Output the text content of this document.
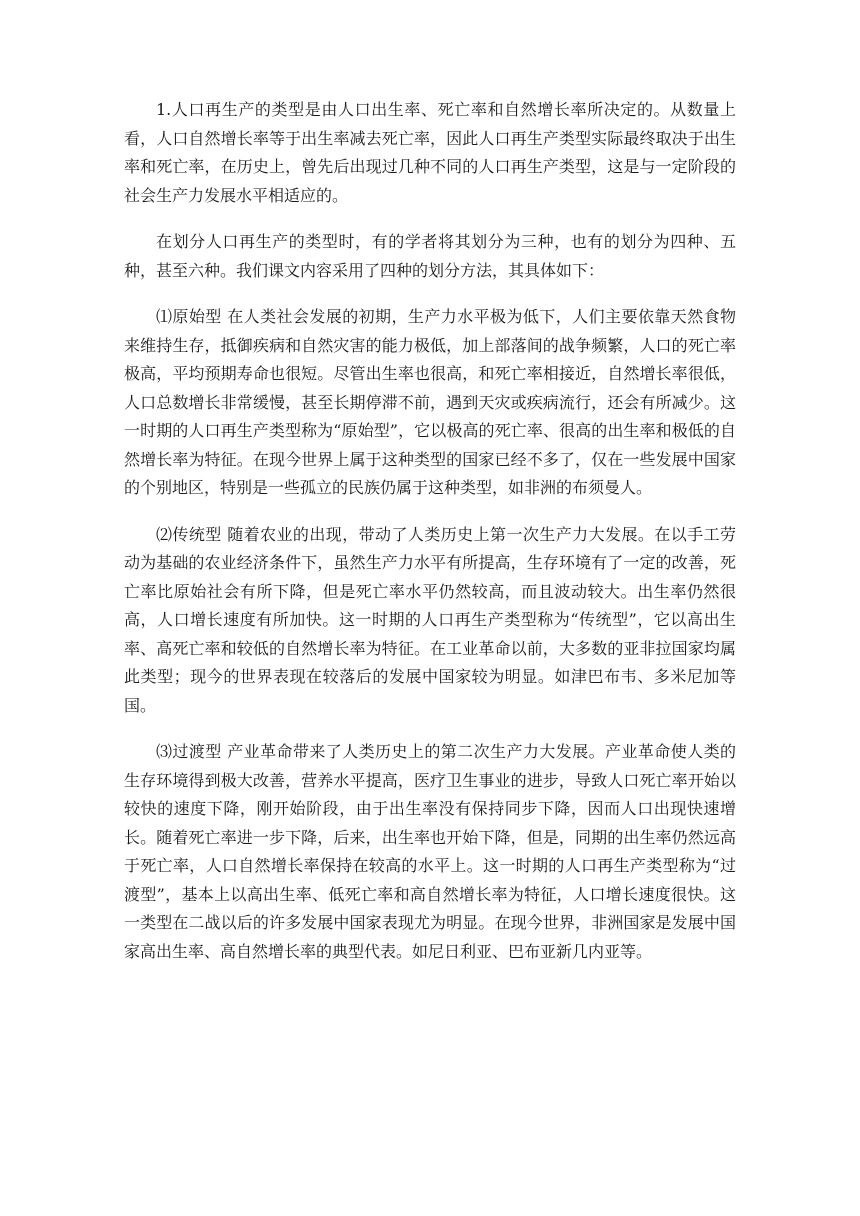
1.人口再生产的类型是由人口出生率、死亡率和自然增长率所决定的。从数量上看，人口自然增长率等于出生率减去死亡率，因此人口再生产类型实际最终取决于出生率和死亡率，在历史上，曾先后出现过几种不同的人口再生产类型，这是与一定阶段的社会生产力发展水平相适应的。

在划分人口再生产的类型时，有的学者将其划分为三种，也有的划分为四种、五种，甚至六种。我们课文内容采用了四种的划分方法，其具体如下：

⑴原始型 在人类社会发展的初期，生产力水平极为低下，人们主要依靠天然食物来维持生存，抵御疾病和自然灾害的能力极低，加上部落间的战争频繁，人口的死亡率极高，平均预期寿命也很短。尽管出生率也很高，和死亡率相接近，自然增长率很低，人口总数增长非常缓慢，甚至长期停滞不前，遇到天灾或疾病流行，还会有所减少。这一时期的人口再生产类型称为“原始型”，它以极高的死亡率、很高的出生率和极低的自然增长率为特征。在现今世界上属于这种类型的国家已经不多了，仅在一些发展中国家的个别地区，特别是一些孤立的民族仍属于这种类型，如非洲的布须曼人。

⑵传统型 随着农业的出现，带动了人类历史上第一次生产力大发展。在以手工劳动为基础的农业经济条件下，虽然生产力水平有所提高，生存环境有了一定的改善，死亡率比原始社会有所下降，但是死亡率水平仍然较高，而且波动较大。出生率仍然很高，人口增长速度有所加快。这一时期的人口再生产类型称为“传统型”，它以高出生率、高死亡率和较低的自然增长率为特征。在工业革命以前，大多数的亚非拉国家均属此类型；现今的世界表现在较落后的发展中国家较为明显。如津巴布韦、多米尼加等国。

⑶过渡型 产业革命带来了人类历史上的第二次生产力大发展。产业革命使人类的生存环境得到极大改善，营养水平提高，医疗卫生事业的进步，导致人口死亡率开始以较快的速度下降，刚开始阶段，由于出生率没有保持同步下降，因而人口出现快速增长。随着死亡率进一步下降，后来，出生率也开始下降，但是，同期的出生率仍然远高于死亡率，人口自然增长率保持在较高的水平上。这一时期的人口再生产类型称为“过渡型”，基本上以高出生率、低死亡率和高自然增长率为特征，人口增长速度很快。这一类型在二战以后的许多发展中国家表现尤为明显。在现今世界，非洲国家是发展中国家高出生率、高自然增长率的典型代表。如尼日利亚、巴布亚新几内亚等。
